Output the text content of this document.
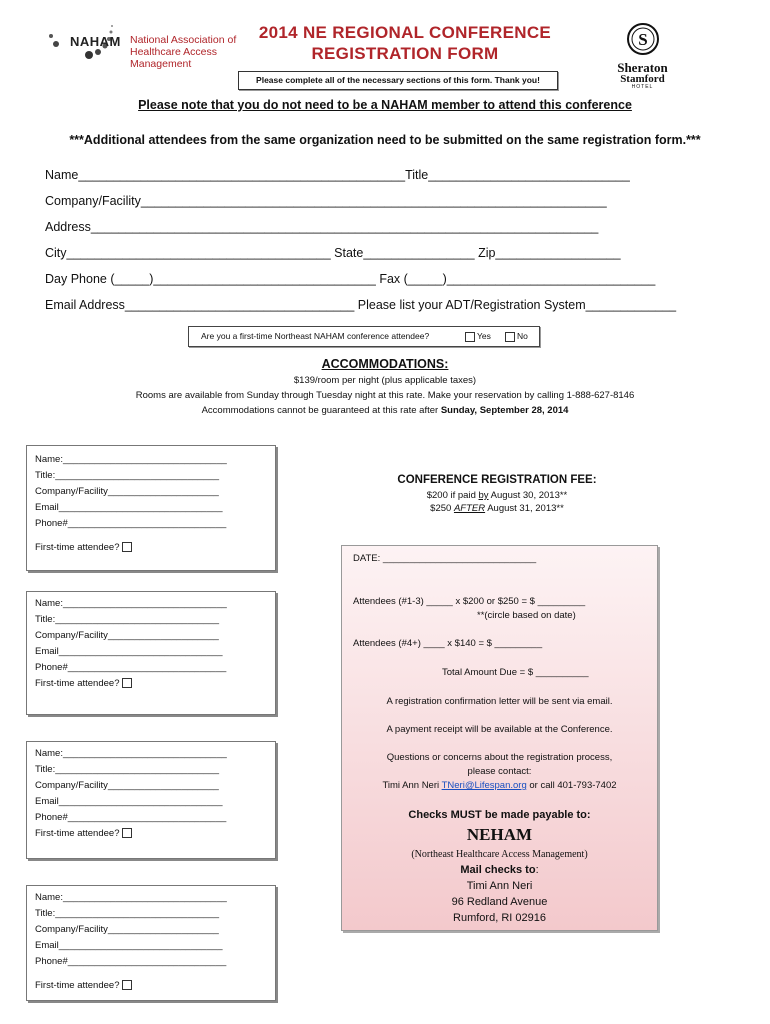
NAHAM National Association of
Healthcare Access Management
2014 NE REGIONAL CONFERENCE
REGISTRATION FORM
S
Sheraton
Stamford
HOTEL
Please complete all of the necessary sections of this form. Thank you!
Please note that you do not need to be a NAHAM member to attend this conference
***Additional attendees from the same organization need to be submitted on the same registration form.***
Name_______________________________________________Title_____________________________
Company/Facility___________________________________________________________________
Address_________________________________________________________________________
City______________________________________ State________________ Zip__________________
Day Phone (_____)________________________________ Fax (_____)______________________________
Email Address_________________________________ Please list your ADT/Registration System_____________
Are you a first-time Northeast NAHAM conference attendee?	Yes	No
ACCOMMODATIONS:
$139/room per night (plus applicable taxes)
Rooms are available from Sunday through Tuesday night at this rate. Make your reservation by calling 1-888-627-8146
Accommodations cannot be guaranteed at this rate after Sunday, September 28, 2014
Name:_______________________________
Title:_______________________________
Company/Facility_____________________
Email_______________________________
Phone#______________________________
First-time attendee?
Name:_______________________________
Title:_______________________________
Company/Facility_____________________
Email_______________________________
Phone#______________________________
First-time attendee?
Name:_______________________________
Title:_______________________________
Company/Facility_____________________
Email_______________________________
Phone#______________________________
First-time attendee?
Name:_______________________________
Title:_______________________________
Company/Facility_____________________
Email_______________________________
Phone#______________________________
First-time attendee?
CONFERENCE REGISTRATION FEE:
$200 if paid by August 30, 2013**
$250 AFTER August 31, 2013**
DATE: _____________________________
Attendees (#1-3) _____ x $200 or $250 = $ _________
**(circle based on date)
Attendees (#4+) ____ x $140 = $ _________
Total Amount Due = $ __________
A registration confirmation letter will be sent via email.
A payment receipt will be available at the Conference.
Questions or concerns about the registration process,
please contact:
Timi Ann Neri TNeri@Lifespan.org or call 401-793-7402
Checks MUST be made payable to:
NEHAM
(Northeast Healthcare Access Management)
Mail checks to:
Timi Ann Neri
96 Redland Avenue
Rumford, RI 02916
